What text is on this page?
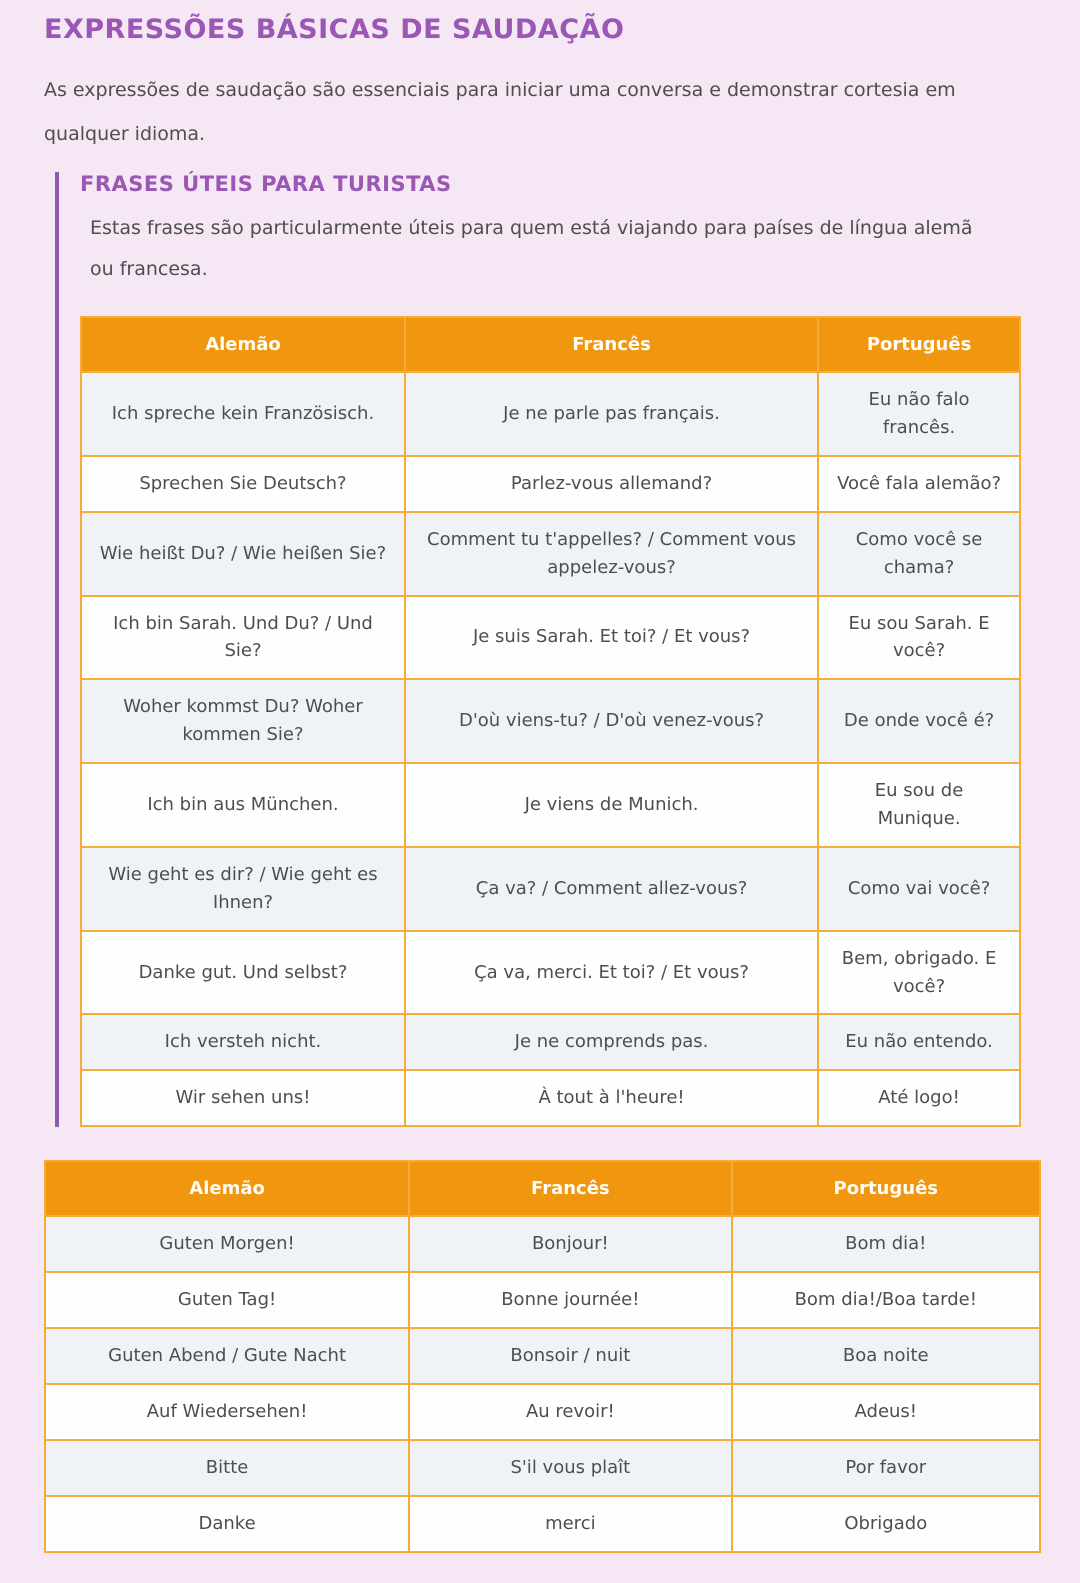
EXPRESSÕES BÁSICAS DE SAUDAÇÃO

As expressões de saudação são essenciais para iniciar uma conversa e demonstrar cortesia em qualquer idioma.

FRASES ÚTEIS PARA TURISTAS

Estas frases são particularmente úteis para quem está viajando para países de língua alemã ou francesa.

Alemão	Francês	Português
Ich spreche kein Französisch.	Je ne parle pas français.	Eu não falo francês.
Sprechen Sie Deutsch?	Parlez-vous allemand?	Você fala alemão?
Wie heißt Du? / Wie heißen Sie?	Comment tu t'appelles? / Comment vous appelez-vous?	Como você se chama?
Ich bin Sarah. Und Du? / Und Sie?	Je suis Sarah. Et toi? / Et vous?	Eu sou Sarah. E você?
Woher kommst Du? Woher kommen Sie?	D'où viens-tu? / D'où venez-vous?	De onde você é?
Ich bin aus München.	Je viens de Munich.	Eu sou de Munique.
Wie geht es dir? / Wie geht es Ihnen?	Ça va? / Comment allez-vous?	Como vai você?
Danke gut. Und selbst?	Ça va, merci. Et toi? / Et vous?	Bem, obrigado. E você?
Ich versteh nicht.	Je ne comprends pas.	Eu não entendo.
Wir sehen uns!	À tout à l'heure!	Até logo!
Alemão	Francês	Português
Guten Morgen!	Bonjour!	Bom dia!
Guten Tag!	Bonne journée!	Bom dia!/Boa tarde!
Guten Abend / Gute Nacht	Bonsoir / nuit	Boa noite
Auf Wiedersehen!	Au revoir!	Adeus!
Bitte	S'il vous plaît	Por favor
Danke	merci	Obrigado
